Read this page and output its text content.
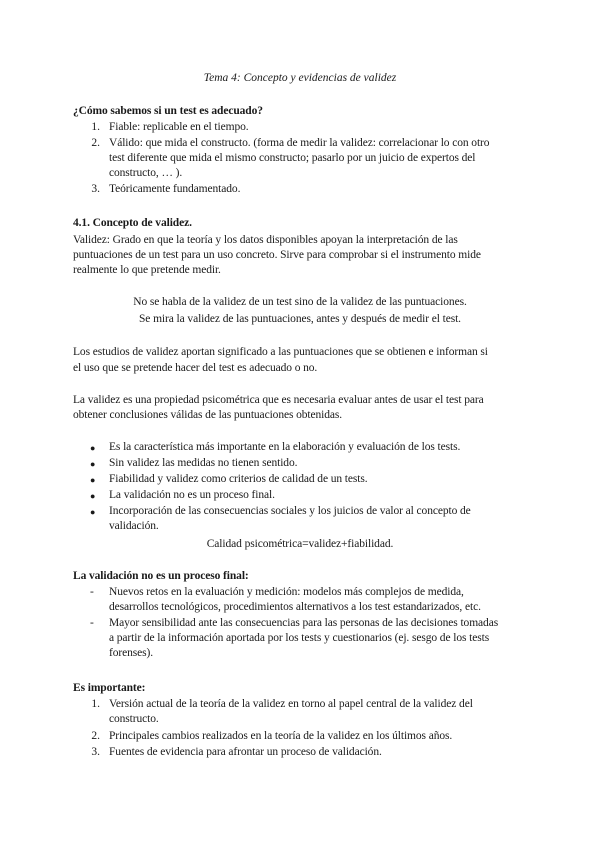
Tema 4: Concepto y evidencias de validez
¿Cómo sabemos si un test es adecuado?
1. Fiable: replicable en el tiempo.
2. Válido: que mida el constructo. (forma de medir la validez: correlacionar lo con otro
test diferente que mida el mismo constructo; pasarlo por un juicio de expertos del
constructo, … ).
3. Teóricamente fundamentado.
4.1. Concepto de validez.
Validez: Grado en que la teoría y los datos disponibles apoyan la interpretación de las
puntuaciones de un test para un uso concreto. Sirve para comprobar si el instrumento mide
realmente lo que pretende medir.
No se habla de la validez de un test sino de la validez de las puntuaciones.
Se mira la validez de las puntuaciones, antes y después de medir el test.
Los estudios de validez aportan significado a las puntuaciones que se obtienen e informan si
el uso que se pretende hacer del test es adecuado o no.
La validez es una propiedad psicométrica que es necesaria evaluar antes de usar el test para
obtener conclusiones válidas de las puntuaciones obtenidas.
● Es la característica más importante en la elaboración y evaluación de los tests.
● Sin validez las medidas no tienen sentido.
● Fiabilidad y validez como criterios de calidad de un tests.
● La validación no es un proceso final.
● Incorporación de las consecuencias sociales y los juicios de valor al concepto de
validación.
Calidad psicométrica=validez+fiabilidad.
La validación no es un proceso final:
- Nuevos retos en la evaluación y medición: modelos más complejos de medida,
desarrollos tecnológicos, procedimientos alternativos a los test estandarizados, etc.
- Mayor sensibilidad ante las consecuencias para las personas de las decisiones tomadas
a partir de la información aportada por los tests y cuestionarios (ej. sesgo de los tests
forenses).
Es importante:
1. Versión actual de la teoría de la validez en torno al papel central de la validez del
constructo.
2. Principales cambios realizados en la teoría de la validez en los últimos años.
3. Fuentes de evidencia para afrontar un proceso de validación.
